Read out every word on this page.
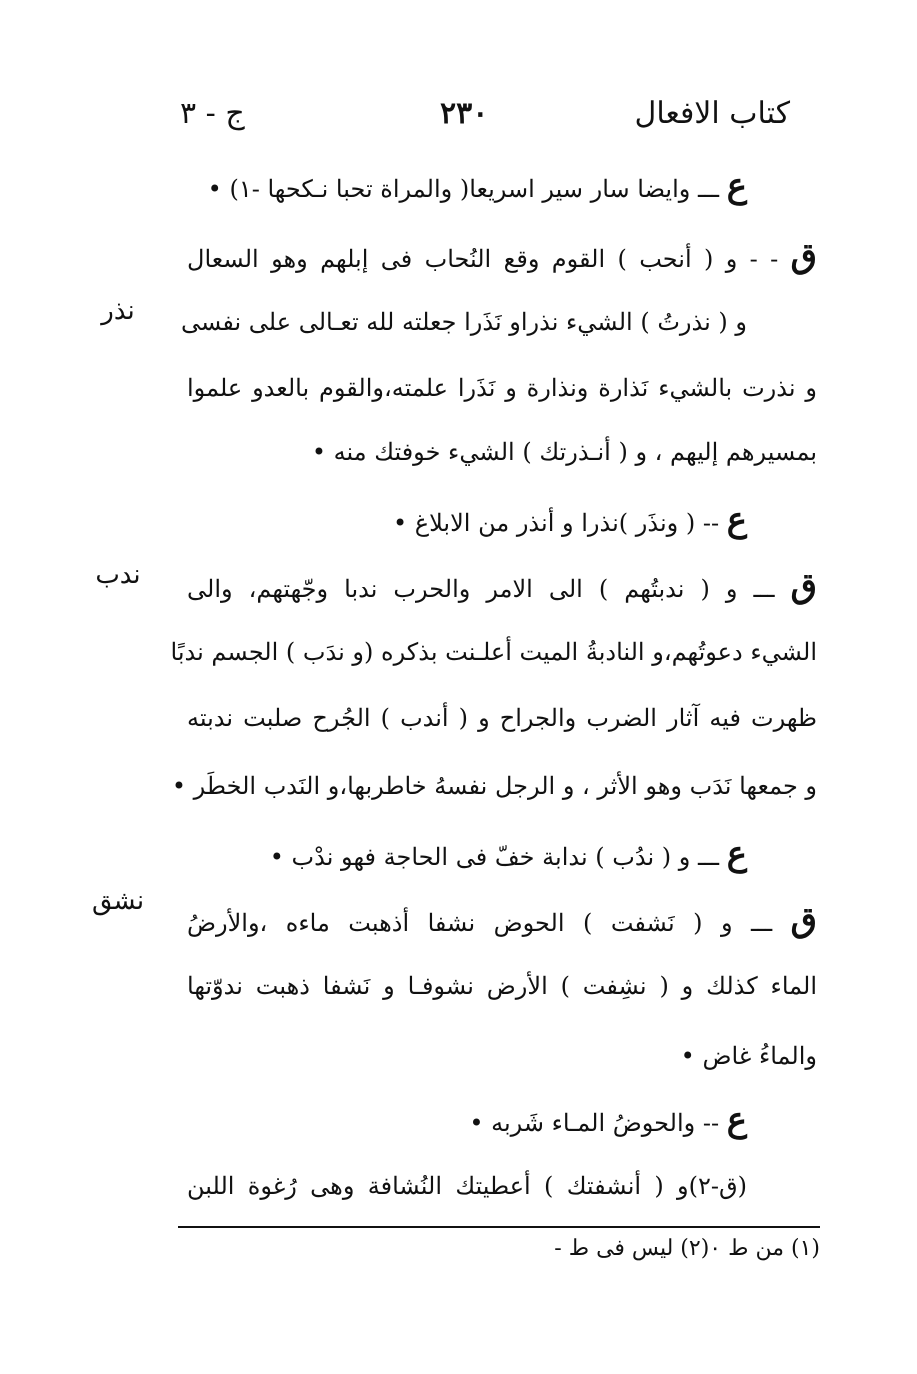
كتاب الافعال
٢٣٠
ج - ٣
ع ـــ وايضا سار سير اسريعا( والمراة تحبا نـكحها -١) •
ق - - و ( أنحب ) القوم وقع النُحاب فى إبلهم وهو السعال
و ( نذرتُ ) الشيء نذراو نَذَرا جعلته لله تعـالى على نفسى
و نذرت بالشيء نَذارة ونذارة و نَذَرا علمته،والقوم بالعدو علموا
بمسيرهم إليهم ، و ( أنـذرتك ) الشيء خوفتك منه •
ع -- ( ونذَر )نذرا و أنذر من الابلاغ •
ق ـــ و ( ندبتُهم ) الى الامر والحرب ندبا وجّهتهم، والى
الشيء دعوتُهم،و النادبةُ الميت أعلـنت بذكره (و ندَب ) الجسم ندبًا
ظهرت فيه آثار الضرب والجراح و ( أندب ) الجُرح صلبت ندبته
و جمعها نَدَب وهو الأثر ، و الرجل نفسهُ خاطربها،و النَدب الخطَر •
ع ـــ و ( ندُب ) ندابة خفّ فى الحاجة فهو ندْب •
ق ـــ و ( نَشفت ) الحوض نشفا أذهبت ماءه ،والأرضُ
الماء كذلك و ( نشِفت ) الأرض نشوفـا و نَشفا ذهبت ندوّتها
والماءُ غاض •
ع -- والحوضُ المـاء شَربه •
(ق-٢)و ( أنشفتك ) أعطيتك النُشافة وهى رُغوة اللبن
نذر
ندب
نشق
(١) من ط ٠(٢) ليس فى ط -
